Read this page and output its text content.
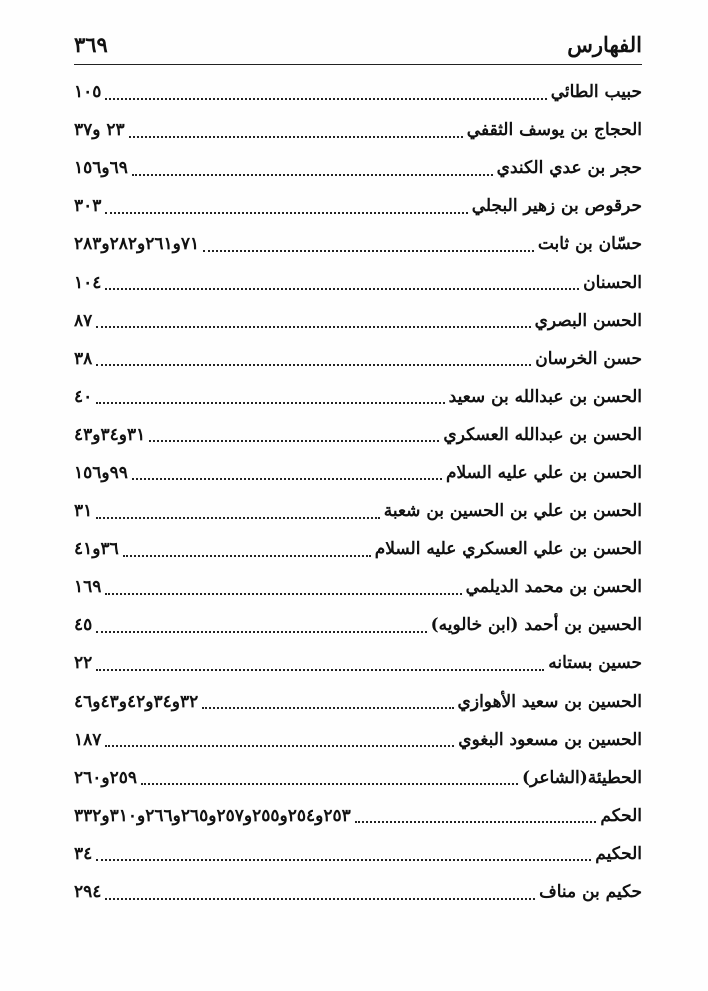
الفهارس
٣٦٩
حبيب الطائي
١٠٥
الحجاج بن يوسف الثقفي
٢٣ و٣٧
حجر بن عدي الكندي
٦٩و١٥٦
حرقوص بن زهير البجلي
٣٠٣
حسّان بن ثابت
٧١و٢٦١و٢٨٢و٢٨٣
الحسنان
١٠٤
الحسن البصري
٨٧
حسن الخرسان
٣٨
الحسن بن عبدالله بن سعيد
٤٠
الحسن بن عبدالله العسكري
٣١و٣٤و٤٣
الحسن بن علي عليه السلام
٩٩و١٥٦
الحسن بن علي بن الحسين بن شعبة
٣١
الحسن بن علي العسكري عليه السلام
٣٦و٤١
الحسن بن محمد الديلمي
١٦٩
الحسين بن أحمد (ابن خالويه)
٤٥
حسين بستانه
٢٢
الحسين بن سعيد الأهوازي
٣٢و٣٤و٤٢و٤٣و٤٦
الحسين بن مسعود البغوي
١٨٧
الحطيئة(الشاعر)
٢٥٩و٢٦٠
الحكم
٢٥٣و٢٥٤و٢٥٥و٢٥٧و٢٦٥و٢٦٦و٣١٠و٣٣٢
الحكيم
٣٤
حكيم بن مناف
٢٩٤
